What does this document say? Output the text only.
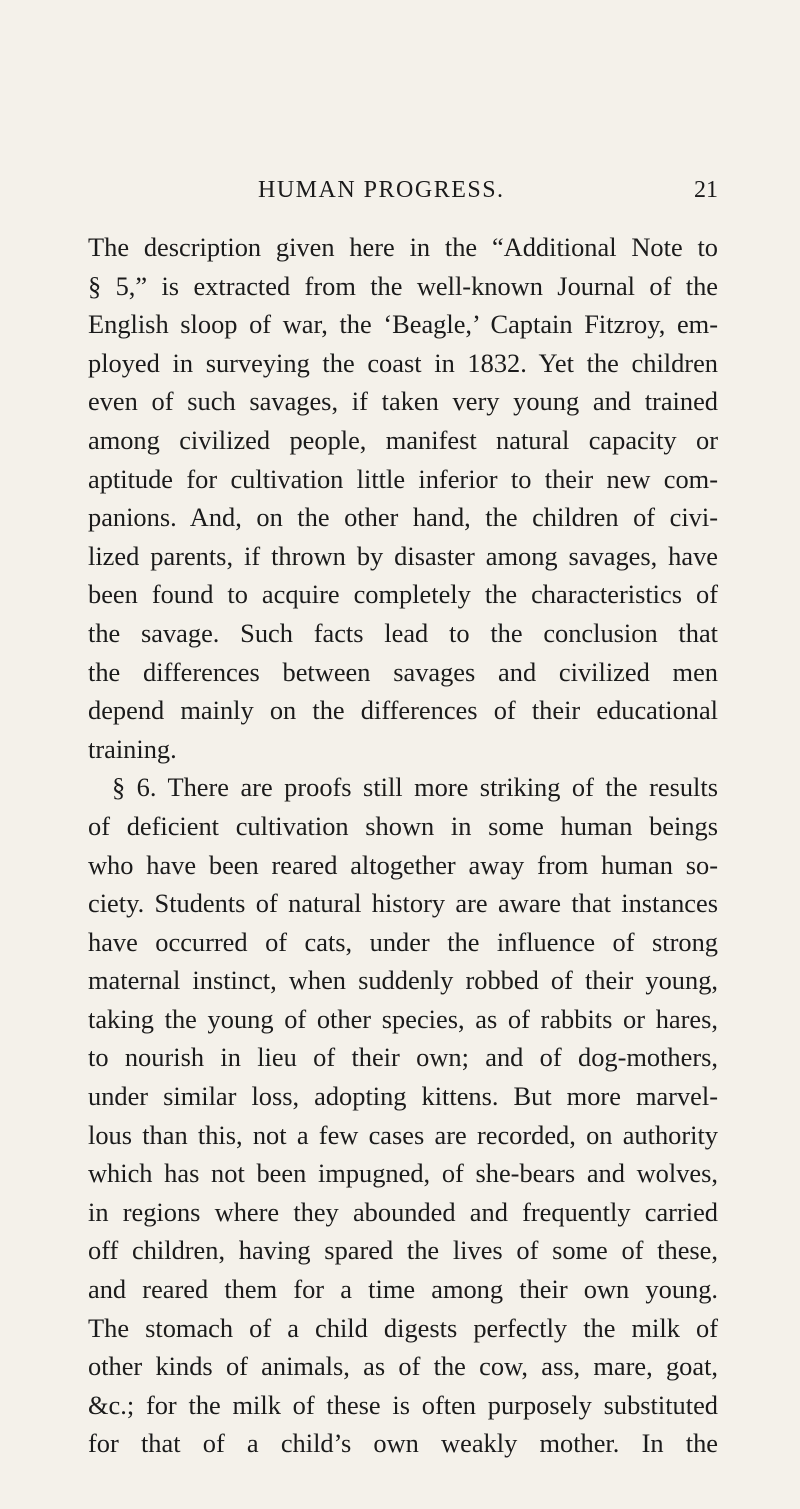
HUMAN PROGRESS.	21
The description given here in the “Additional Note to
§ 5,” is extracted from the well-known Journal of the
English sloop of war, the ‘Beagle,’ Captain Fitzroy, em-
ployed in surveying the coast in 1832. Yet the children
even of such savages, if taken very young and trained
among civilized people, manifest natural capacity or
aptitude for cultivation little inferior to their new com-
panions. And, on the other hand, the children of civi-
lized parents, if thrown by disaster among savages, have
been found to acquire completely the characteristics of
the savage. Such facts lead to the conclusion that
the differences between savages and civilized men
depend mainly on the differences of their educational
training.
§ 6. There are proofs still more striking of the results
of deficient cultivation shown in some human beings
who have been reared altogether away from human so-
ciety. Students of natural history are aware that instances
have occurred of cats, under the influence of strong
maternal instinct, when suddenly robbed of their young,
taking the young of other species, as of rabbits or hares,
to nourish in lieu of their own; and of dog-mothers,
under similar loss, adopting kittens. But more marvel-
lous than this, not a few cases are recorded, on authority
which has not been impugned, of she-bears and wolves,
in regions where they abounded and frequently carried
off children, having spared the lives of some of these,
and reared them for a time among their own young.
The stomach of a child digests perfectly the milk of
other kinds of animals, as of the cow, ass, mare, goat,
&c.; for the milk of these is often purposely substituted
for that of a child’s own weakly mother. In the
